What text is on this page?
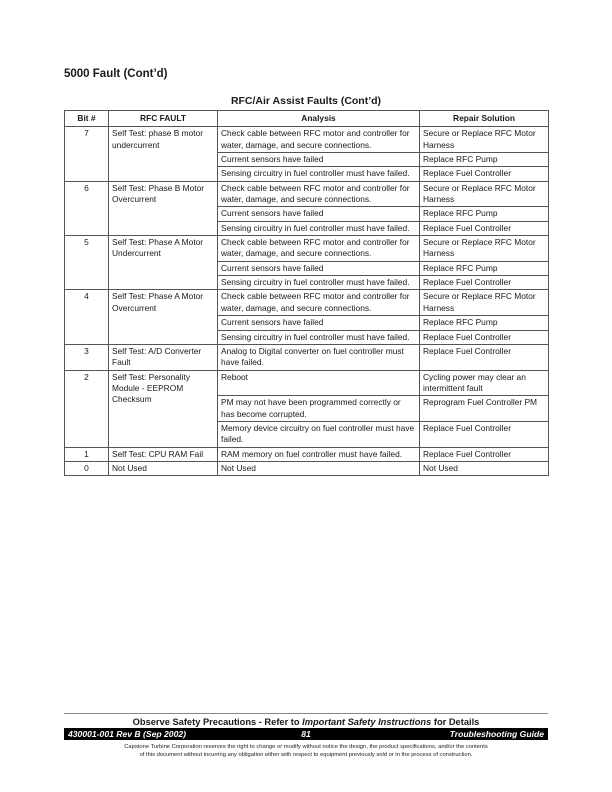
5000 Fault (Cont’d)
RFC/Air Assist Faults (Cont’d)
Bit #	RFC FAULT	Analysis	Repair Solution
7	Self Test: phase B motor undercurrent	Check cable between RFC motor and controller for water, damage, and secure connections.	Secure or Replace RFC Motor Harness
		Current sensors have failed	Replace RFC Pump
		Sensing circuitry in fuel controller must have failed.	Replace Fuel Controller
6	Self Test: Phase B Motor Overcurrent	Check cable between RFC motor and controller for water, damage, and secure connections.	Secure or Replace RFC Motor Harness
		Current sensors have failed	Replace RFC Pump
		Sensing circuitry in fuel controller must have failed.	Replace Fuel Controller
5	Self Test: Phase A Motor Undercurrent	Check cable between RFC motor and controller for water, damage, and secure connections.	Secure or Replace RFC Motor Harness
		Current sensors have failed	Replace RFC Pump
		Sensing circuitry in fuel controller must have failed.	Replace Fuel Controller
4	Self Test: Phase A Motor Overcurrent	Check cable between RFC motor and controller for water, damage, and secure connections.	Secure or Replace RFC Motor Harness
		Current sensors have failed	Replace RFC Pump
		Sensing circuitry in fuel controller must have failed.	Replace Fuel Controller
3	Self Test: A/D Converter Fault	Analog to Digital converter on fuel controller must have failed.	Replace Fuel Controller
2	Self Test: Personality Module - EEPROM Checksum	Reboot	Cycling power may clear an intermittent fault
		PM may not have been programmed correctly or has become corrupted.	Reprogram Fuel Controller PM
		Memory device circuitry on fuel controller must have failed.	Replace Fuel Controller
1	Self Test: CPU RAM Fail	RAM memory on fuel controller must have failed.	Replace Fuel Controller
0	Not Used	Not Used	Not Used
Observe Safety Precautions - Refer to Important Safety Instructions for Details
81
430001-001 Rev B (Sep 2002)	Troubleshooting Guide
Capstone Turbine Corporation reserves the right to change or modify without notice the design, the product specifications, and/or the contents
of this document without incurring any obligation either with respect to equipment previously sold or in the process of construction.
